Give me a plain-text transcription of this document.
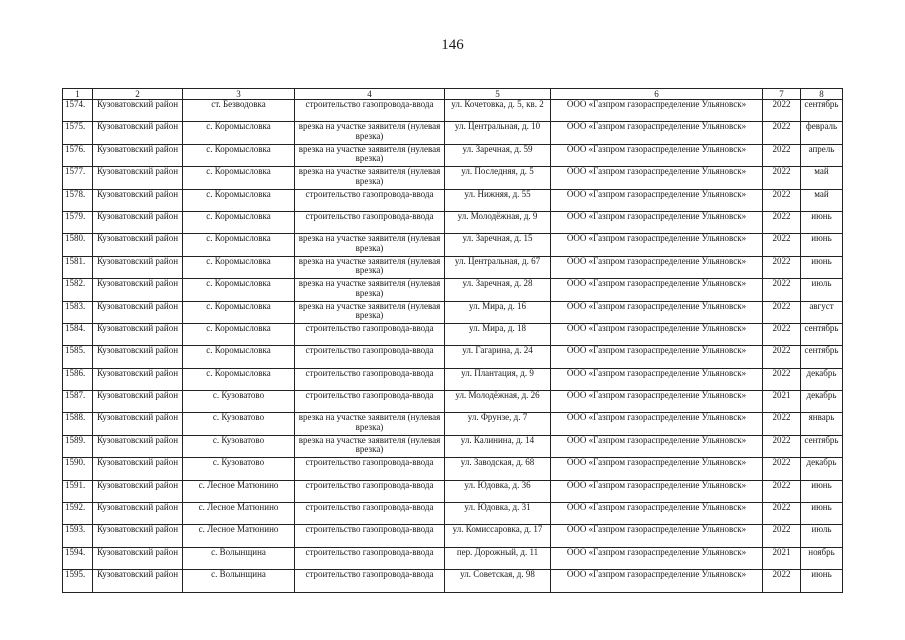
146
1	2	3	4	5	6	7	8
1574.	Кузоватовский район	ст. Безводовка	строительство газопровода-ввода	ул. Кочетовка, д. 5, кв. 2	ООО «Газпром газораспределение Ульяновск»	2022	сентябрь
1575.	Кузоватовский район	с. Коромысловка	врезка на участке заявителя (нулевая врезка)	ул. Центральная, д. 10	ООО «Газпром газораспределение Ульяновск»	2022	февраль
1576.	Кузоватовский район	с. Коромысловка	врезка на участке заявителя (нулевая врезка)	ул. Заречная, д. 59	ООО «Газпром газораспределение Ульяновск»	2022	апрель
1577.	Кузоватовский район	с. Коромысловка	врезка на участке заявителя (нулевая врезка)	ул. Последняя, д. 5	ООО «Газпром газораспределение Ульяновск»	2022	май
1578.	Кузоватовский район	с. Коромысловка	строительство газопровода-ввода	ул. Нижняя, д. 55	ООО «Газпром газораспределение Ульяновск»	2022	май
1579.	Кузоватовский район	с. Коромысловка	строительство газопровода-ввода	ул. Молодёжная, д. 9	ООО «Газпром газораспределение Ульяновск»	2022	июнь
1580.	Кузоватовский район	с. Коромысловка	врезка на участке заявителя (нулевая врезка)	ул. Заречная, д. 15	ООО «Газпром газораспределение Ульяновск»	2022	июнь
1581.	Кузоватовский район	с. Коромысловка	врезка на участке заявителя (нулевая врезка)	ул. Центральная, д. 67	ООО «Газпром газораспределение Ульяновск»	2022	июнь
1582.	Кузоватовский район	с. Коромысловка	врезка на участке заявителя (нулевая врезка)	ул. Заречная, д. 28	ООО «Газпром газораспределение Ульяновск»	2022	июль
1583.	Кузоватовский район	с. Коромысловка	врезка на участке заявителя (нулевая врезка)	ул. Мира, д. 16	ООО «Газпром газораспределение Ульяновск»	2022	август
1584.	Кузоватовский район	с. Коромысловка	строительство газопровода-ввода	ул. Мира, д. 18	ООО «Газпром газораспределение Ульяновск»	2022	сентябрь
1585.	Кузоватовский район	с. Коромысловка	строительство газопровода-ввода	ул. Гагарина, д. 24	ООО «Газпром газораспределение Ульяновск»	2022	сентябрь
1586.	Кузоватовский район	с. Коромысловка	строительство газопровода-ввода	ул. Плантация, д. 9	ООО «Газпром газораспределение Ульяновск»	2022	декабрь
1587.	Кузоватовский район	с. Кузоватово	строительство газопровода-ввода	ул. Молодёжная, д. 26	ООО «Газпром газораспределение Ульяновск»	2021	декабрь
1588.	Кузоватовский район	с. Кузоватово	врезка на участке заявителя (нулевая врезка)	ул. Фрунзе, д. 7	ООО «Газпром газораспределение Ульяновск»	2022	январь
1589.	Кузоватовский район	с. Кузоватово	врезка на участке заявителя (нулевая врезка)	ул. Калинина, д. 14	ООО «Газпром газораспределение Ульяновск»	2022	сентябрь
1590.	Кузоватовский район	с. Кузоватово	строительство газопровода-ввода	ул. Заводская, д. 68	ООО «Газпром газораспределение Ульяновск»	2022	декабрь
1591.	Кузоватовский район	с. Лесное Матюнино	строительство газопровода-ввода	ул. Юдовка, д. 36	ООО «Газпром газораспределение Ульяновск»	2022	июнь
1592.	Кузоватовский район	с. Лесное Матюнино	строительство газопровода-ввода	ул. Юдовка, д. 31	ООО «Газпром газораспределение Ульяновск»	2022	июнь
1593.	Кузоватовский район	с. Лесное Матюнино	строительство газопровода-ввода	ул. Комиссаровка, д. 17	ООО «Газпром газораспределение Ульяновск»	2022	июль
1594.	Кузоватовский район	с. Волынщина	строительство газопровода-ввода	пер. Дорожный, д. 11	ООО «Газпром газораспределение Ульяновск»	2021	ноябрь
1595.	Кузоватовский район	с. Волынщина	строительство газопровода-ввода	ул. Советская, д. 98	ООО «Газпром газораспределение Ульяновск»	2022	июнь
